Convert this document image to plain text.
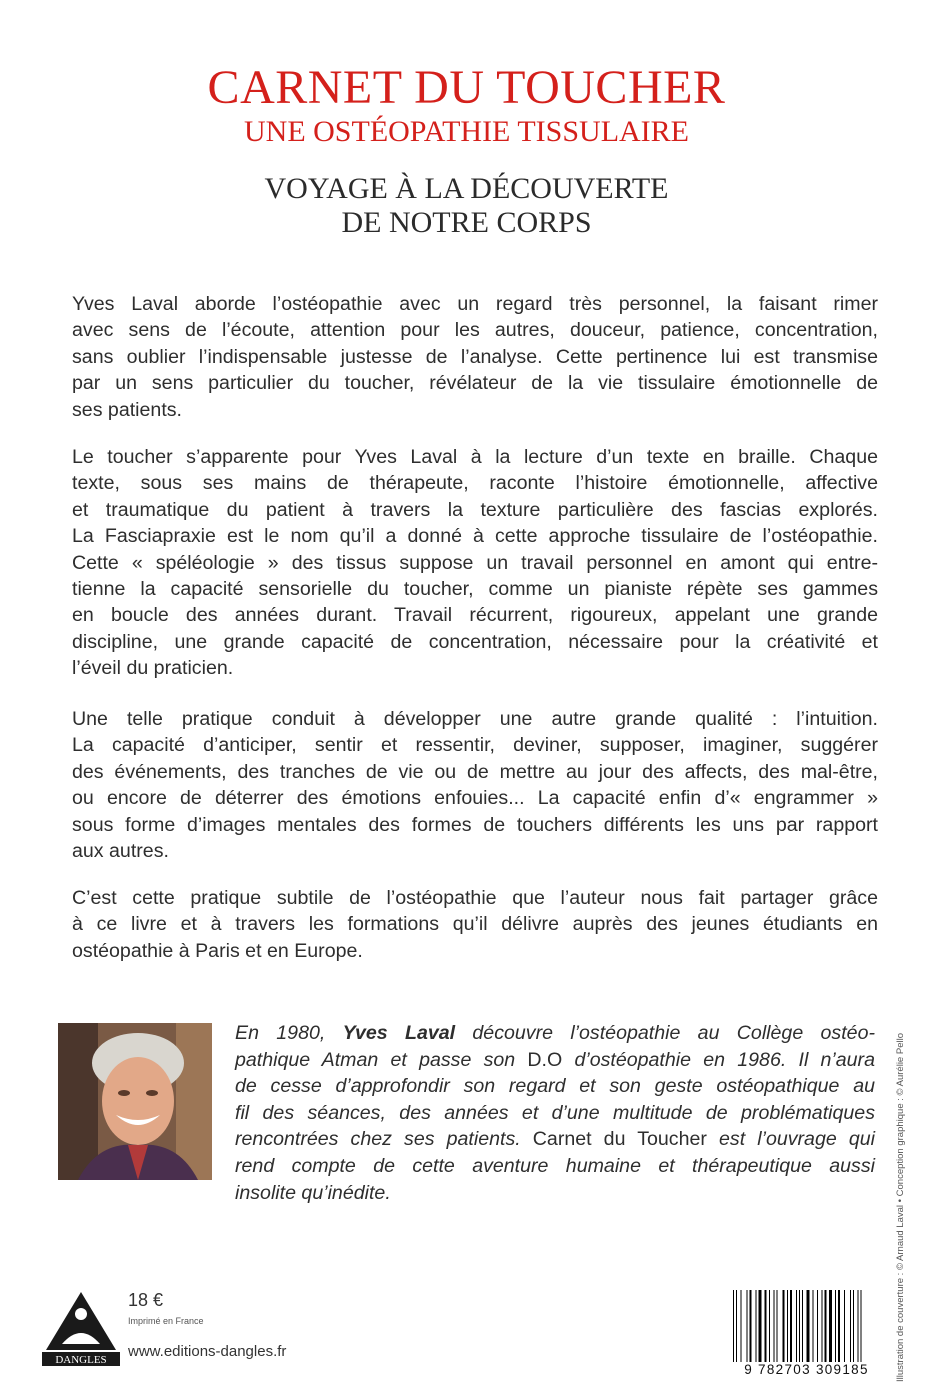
CARNET DU TOUCHER
UNE OSTÉOPATHIE TISSULAIRE
VOYAGE À LA DÉCOUVERTE
DE NOTRE CORPS
Yves Laval aborde l’ostéopathie avec un regard très personnel, la faisant rimer
avec sens de l’écoute, attention pour les autres, douceur, patience, concentration,
sans oublier l’indispensable justesse de l’analyse. Cette pertinence lui est transmise
par un sens particulier du toucher, révélateur de la vie tissulaire émotionnelle de
ses patients.
Le toucher s’apparente pour Yves Laval à la lecture d’un texte en braille. Chaque
texte, sous ses mains de thérapeute, raconte l’histoire émotionnelle, affective
et traumatique du patient à travers la texture particulière des fascias explorés.
La Fasciapraxie est le nom qu’il a donné à cette approche tissulaire de l’ostéopathie.
Cette « spéléologie » des tissus suppose un travail personnel en amont qui entre-
tienne la capacité sensorielle du toucher, comme un pianiste répète ses gammes
en boucle des années durant. Travail récurrent, rigoureux, appelant une grande
discipline, une grande capacité de concentration, nécessaire pour la créativité et
l’éveil du praticien.
Une telle pratique conduit à développer une autre grande qualité : l’intuition.
La capacité d’anticiper, sentir et ressentir, deviner, supposer, imaginer, suggérer
des événements, des tranches de vie ou de mettre au jour des affects, des mal-être,
ou encore de déterrer des émotions enfouies... La capacité enfin d’« engrammer »
sous forme d’images mentales des formes de touchers différents les uns par rapport
aux autres.
C’est cette pratique subtile de l’ostéopathie que l’auteur nous fait partager grâce
à ce livre et à travers les formations qu’il délivre auprès des jeunes étudiants en
ostéopathie à Paris et en Europe.
En 1980, Yves Laval découvre l’ostéopathie au Collège ostéo-
pathique Atman et passe son D.O d’ostéopathie en 1986. Il n’aura
de cesse d’approfondir son regard et son geste ostéopathique au
fil des séances, des années et d’une multitude de problématiques
rencontrées chez ses patients. Carnet du Toucher est l’ouvrage qui
rend compte de cette aventure humaine et thérapeutique aussi
insolite qu’inédite.	Illustration de couverture : © Arnaud Laval • Conception graphique : © Aurélie Pello
DANGLES
18 €
Imprimé en France
www.editions-dangles.fr
9 782703 309185
